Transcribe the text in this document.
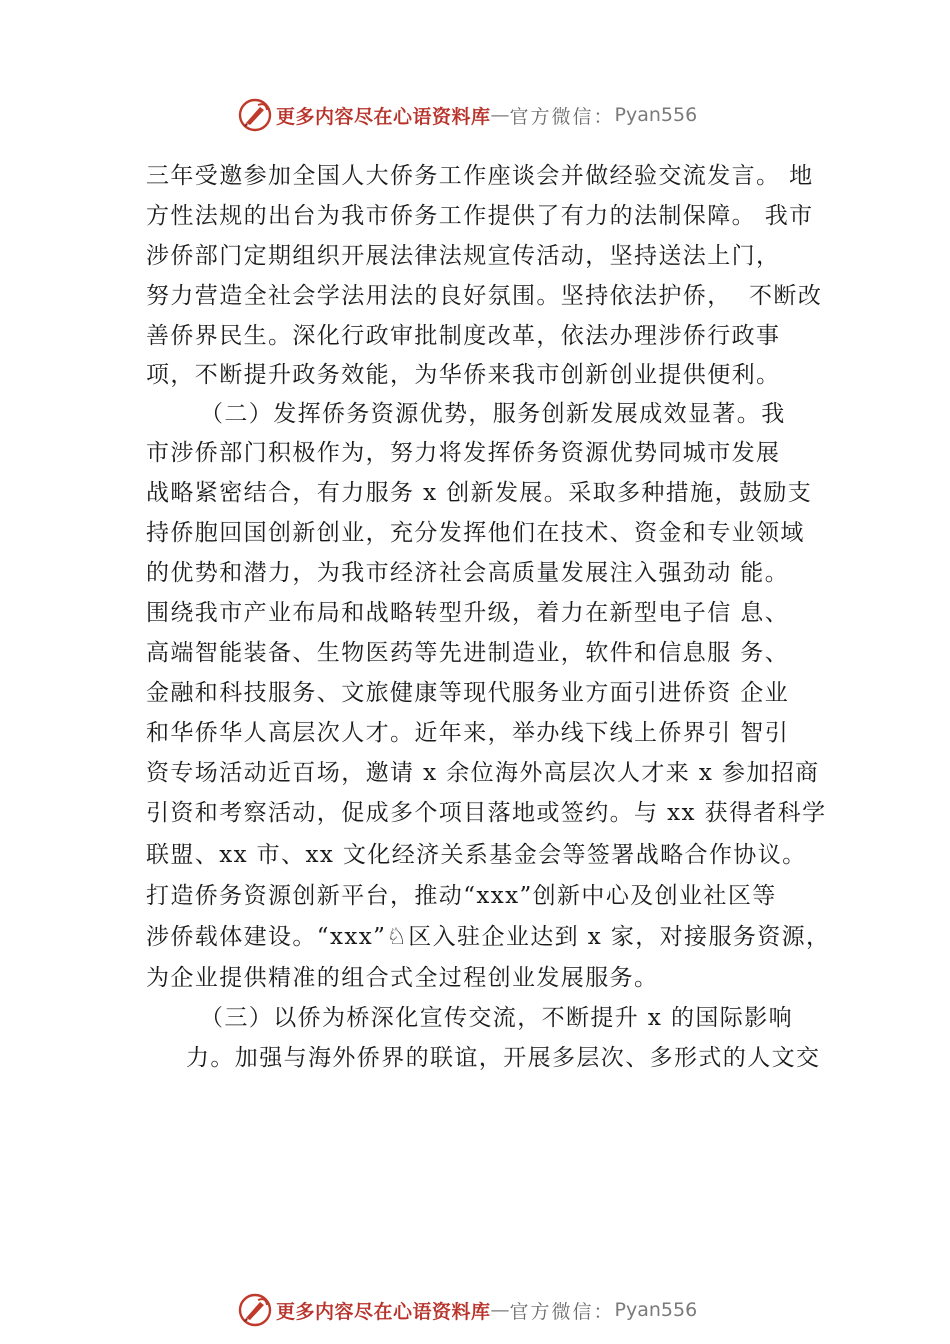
更多内容尽在心语资料库 — 官方微信： Pyan556
三年受邀参加全国人大侨务工作座谈会并做经验交流发言。 地
方性法规的出台为我市侨务工作提供了有力的法制保障。 我市
涉侨部门定期组织开展法律法规宣传活动，坚持送法上门，
努力营造全社会学法用法的良好氛围。坚持依法护侨，  不断改
善侨界民生。深化行政审批制度改革，依法办理涉侨行政事
项，不断提升政务效能，为华侨来我市创新创业提供便利。
（二）发挥侨务资源优势，服务创新发展成效显著。我
市涉侨部门积极作为，努力将发挥侨务资源优势同城市发展
战略紧密结合，有力服务 x 创新发展。采取多种措施，鼓励支
持侨胞回国创新创业，充分发挥他们在技术、资金和专业领域
的优势和潜力，为我市经济社会高质量发展注入强劲动 能。
围绕我市产业布局和战略转型升级，着力在新型电子信 息、
高端智能装备、生物医药等先进制造业，软件和信息服 务、
金融和科技服务、文旅健康等现代服务业方面引进侨资 企业
和华侨华人高层次人才。近年来，举办线下线上侨界引 智引
资专场活动近百场，邀请 x 余位海外高层次人才来 x 参加招商
引资和考察活动，促成多个项目落地或签约。与 xx 获得者科学
联盟、xx 市、xx 文化经济关系基金会等签署战略合作协议。
打造侨务资源创新平台，推动“xxx”创新中心及创业社区等
涉侨载体建设。“xxx”♘区入驻企业达到 x 家，对接服务资源，
为企业提供精准的组合式全过程创业发展服务。
（三）以侨为桥深化宣传交流，不断提升 x 的国际影响
力。加强与海外侨界的联谊，开展多层次、多形式的人文交
更多内容尽在心语资料库 — 官方微信： Pyan556
